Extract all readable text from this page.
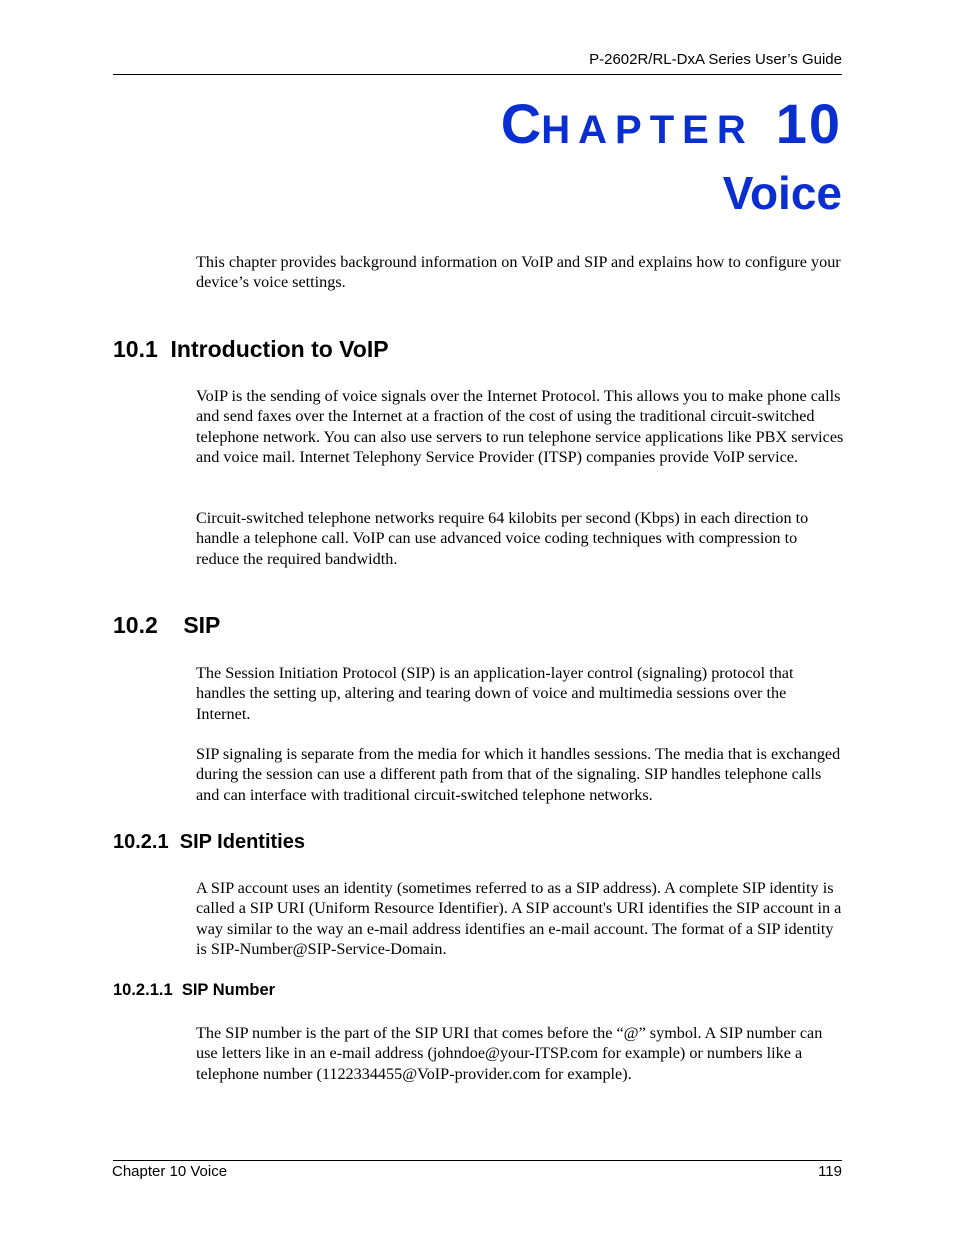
P-2602R/RL-DxA Series User’s Guide
CHAPTER 10
Voice
This chapter provides background information on VoIP and SIP and explains how to configure your device’s voice settings.
10.1 Introduction to VoIP
VoIP is the sending of voice signals over the Internet Protocol. This allows you to make phone calls and send faxes over the Internet at a fraction of the cost of using the traditional circuit-switched telephone network. You can also use servers to run telephone service applications like PBX services and voice mail. Internet Telephony Service Provider (ITSP) companies provide VoIP service.
Circuit-switched telephone networks require 64 kilobits per second (Kbps) in each direction to handle a telephone call. VoIP can use advanced voice coding techniques with compression to reduce the required bandwidth.
10.2 SIP
The Session Initiation Protocol (SIP) is an application-layer control (signaling) protocol that handles the setting up, altering and tearing down of voice and multimedia sessions over the Internet.
SIP signaling is separate from the media for which it handles sessions. The media that is exchanged during the session can use a different path from that of the signaling. SIP handles telephone calls and can interface with traditional circuit-switched telephone networks.
10.2.1 SIP Identities
A SIP account uses an identity (sometimes referred to as a SIP address). A complete SIP identity is called a SIP URI (Uniform Resource Identifier). A SIP account's URI identifies the SIP account in a way similar to the way an e-mail address identifies an e-mail account. The format of a SIP identity is SIP-Number@SIP-Service-Domain.
10.2.1.1 SIP Number
The SIP number is the part of the SIP URI that comes before the “@” symbol. A SIP number can use letters like in an e-mail address (johndoe@your-ITSP.com for example) or numbers like a telephone number (1122334455@VoIP-provider.com for example).
Chapter 10 Voice	119
